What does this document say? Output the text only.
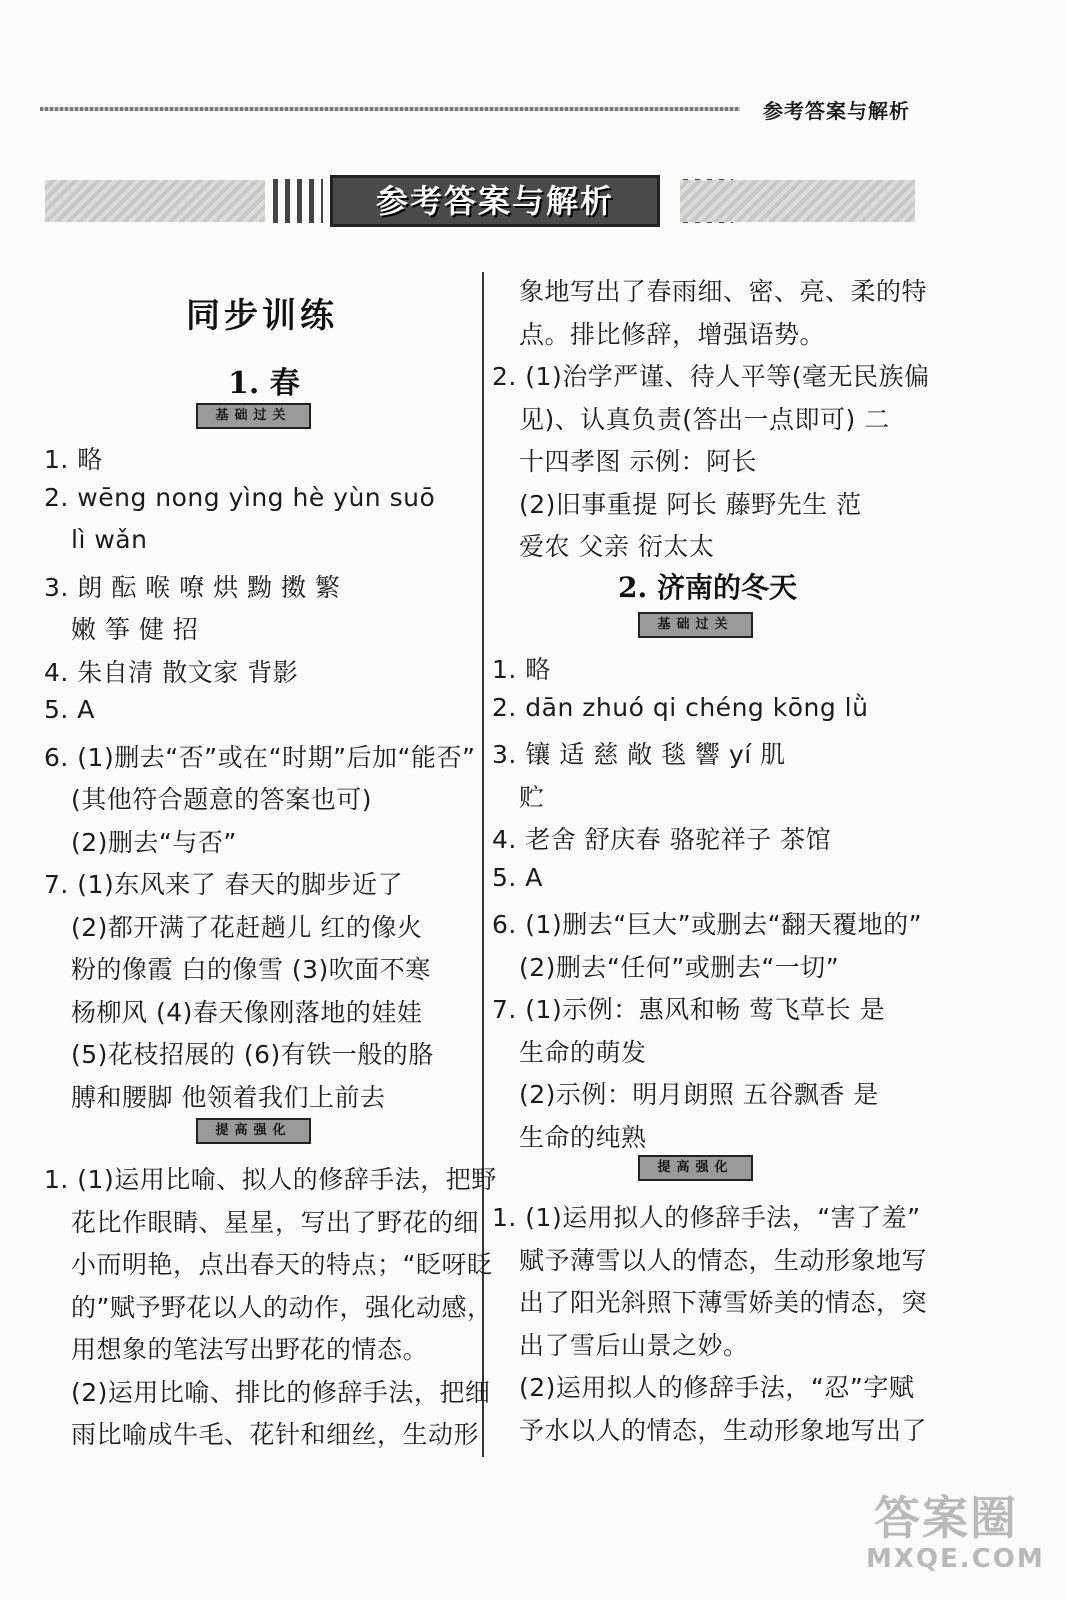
参考答案与解析
参考答案与解析
同步训练
1. 春
基础过关
1. 略
2. wēng nong yìng hè yùn suō
lì wǎn
3. 朗 酝 喉 嘹 烘 黝 擞 繁
嫩 筝 健 招
4. 朱自清 散文家 背影
5. A
6. (1)删去“否”或在“时期”后加“能否”
(其他符合题意的答案也可)
(2)删去“与否”
7. (1)东风来了 春天的脚步近了
(2)都开满了花赶趟儿 红的像火
粉的像霞 白的像雪 (3)吹面不寒
杨柳风 (4)春天像刚落地的娃娃
(5)花枝招展的 (6)有铁一般的胳
膊和腰脚 他领着我们上前去
提高强化
1. (1)运用比喻、拟人的修辞手法，把野
花比作眼睛、星星，写出了野花的细
小而明艳，点出春天的特点；“眨呀眨
的”赋予野花以人的动作，强化动感，
用想象的笔法写出野花的情态。
(2)运用比喻、排比的修辞手法，把细
雨比喻成牛毛、花针和细丝，生动形
象地写出了春雨细、密、亮、柔的特
点。排比修辞，增强语势。
2. (1)治学严谨、待人平等(毫无民族偏
见)、认真负责(答出一点即可) 二
十四孝图 示例：阿长
(2)旧事重提 阿长 藤野先生 范
爱农 父亲 衍太太
2. 济南的冬天
基础过关
1. 略
2. dān zhuó qi chéng kōng lǜ
3. 镶 适 慈 敞 毯 響 yí 肌
贮
4. 老舍 舒庆春 骆驼祥子 茶馆
5. A
6. (1)删去“巨大”或删去“翻天覆地的”
(2)删去“任何”或删去“一切”
7. (1)示例：惠风和畅 莺飞草长 是
生命的萌发
(2)示例：明月朗照 五谷飘香 是
生命的纯熟
提高强化
1. (1)运用拟人的修辞手法，“害了羞”
赋予薄雪以人的情态，生动形象地写
出了阳光斜照下薄雪娇美的情态，突
出了雪后山景之妙。
(2)运用拟人的修辞手法，“忍”字赋
予水以人的情态，生动形象地写出了
答案圈
MXQE.COM
